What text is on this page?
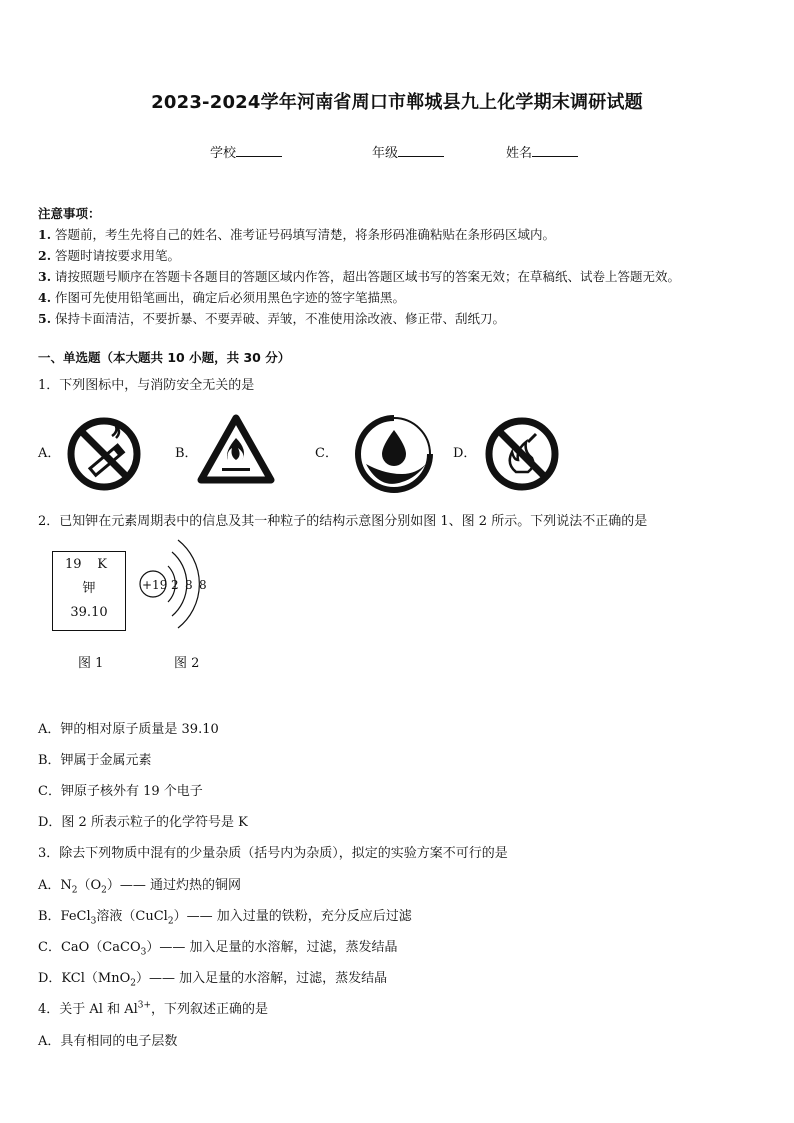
2023-2024学年河南省周口市郸城县九上化学期末调研试题
学校	年级	姓名
注意事项：
1. 答题前，考生先将自己的姓名、准考证号码填写清楚，将条形码准确粘贴在条形码区域内。
2. 答题时请按要求用笔。
3. 请按照题号顺序在答题卡各题目的答题区域内作答，超出答题区域书写的答案无效；在草稿纸、试卷上答题无效。
4. 作图可先使用铅笔画出，确定后必须用黑色字迹的签字笔描黑。
5. 保持卡面清洁，不要折暴、不要弄破、弄皱，不准使用涂改液、修正带、刮纸刀。
一、单选题（本大题共 10 小题，共 30 分）
1．下列图标中，与消防安全无关的是
A．	B．	C．	D．
2．已知钾在元素周期表中的信息及其一种粒子的结构示意图分别如图 1、图 2 所示。下列说法不正确的是
19 K
钾
39.10
+19 2 8 8
图 1	图 2
A．钾的相对原子质量是 39.10
B．钾属于金属元素
C．钾原子核外有 19 个电子
D．图 2 所表示粒子的化学符号是 K
3．除去下列物质中混有的少量杂质（括号内为杂质），拟定的实验方案不可行的是
A．$N_2(O_2)——$ 通过灼热的铜网
B．FeCl$_3$溶液（CuCl$_2$）—— 加入过量的铁粉，充分反应后过滤
C．CaO（CaCO$_3$）—— 加入足量的水溶解，过滤，蒸发结晶
D．KCl（MnO$_2$）—— 加入足量的水溶解，过滤，蒸发结晶
4．关于 Al 和 $Al^{3+}$，下列叙述正确的是
A．具有相同的电子层数
